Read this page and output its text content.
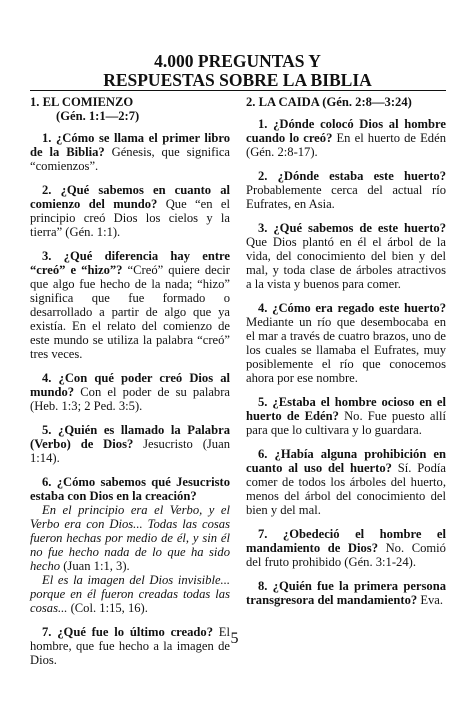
4.000 PREGUNTAS Y
RESPUESTAS SOBRE LA BIBLIA

1. EL COMIENZO
(Gén. 1:1—2:7)

1. ¿Cómo se llama el primer libro de la Biblia? Génesis, que significa “comienzos”.

2. ¿Qué sabemos en cuanto al comienzo del mundo? Que “en el principio creó Dios los cielos y la tierra” (Gén. 1:1).

3. ¿Qué diferencia hay entre “creó” e “hizo”? “Creó” quiere decir que algo fue hecho de la nada; “hizo” significa que fue formado o desarrollado a partir de algo que ya existía. En el relato del comienzo de este mundo se utiliza la palabra “creó” tres veces.

4. ¿Con qué poder creó Dios al mundo? Con el poder de su palabra (Heb. 1:3; 2 Ped. 3:5).

5. ¿Quién es llamado la Palabra (Verbo) de Dios? Jesucristo (Juan 1:14).

6. ¿Cómo sabemos qué Jesucristo estaba con Dios en la creación?

En el principio era el Verbo, y el Verbo era con Dios... Todas las cosas fueron hechas por medio de él, y sin él no fue hecho nada de lo que ha sido hecho (Juan 1:1, 3).

El es la imagen del Dios invisible... porque en él fueron creadas todas las cosas... (Col. 1:15, 16).

7. ¿Qué fue lo último creado? El hombre, que fue hecho a la imagen de Dios.

2. LA CAIDA (Gén. 2:8—3:24)

1. ¿Dónde colocó Dios al hombre cuando lo creó? En el huerto de Edén (Gén. 2:8-17).

2. ¿Dónde estaba este huerto? Probablemente cerca del actual río Eufrates, en Asia.

3. ¿Qué sabemos de este huerto? Que Dios plantó en él el árbol de la vida, del conocimiento del bien y del mal, y toda clase de árboles atractivos a la vista y buenos para comer.

4. ¿Cómo era regado este huerto? Mediante un río que desembocaba en el mar a través de cuatro brazos, uno de los cuales se llamaba el Eufrates, muy posiblemente el río que conocemos ahora por ese nombre.

5. ¿Estaba el hombre ocioso en el huerto de Edén? No. Fue puesto allí para que lo cultivara y lo guardara.

6. ¿Había alguna prohibición en cuanto al uso del huerto? Sí. Podía comer de todos los árboles del huerto, menos del árbol del conocimiento del bien y del mal.

7. ¿Obedeció el hombre el mandamiento de Dios? No. Comió del fruto prohibido (Gén. 3:1-24).

8. ¿Quién fue la primera persona transgresora del mandamiento? Eva.

5
